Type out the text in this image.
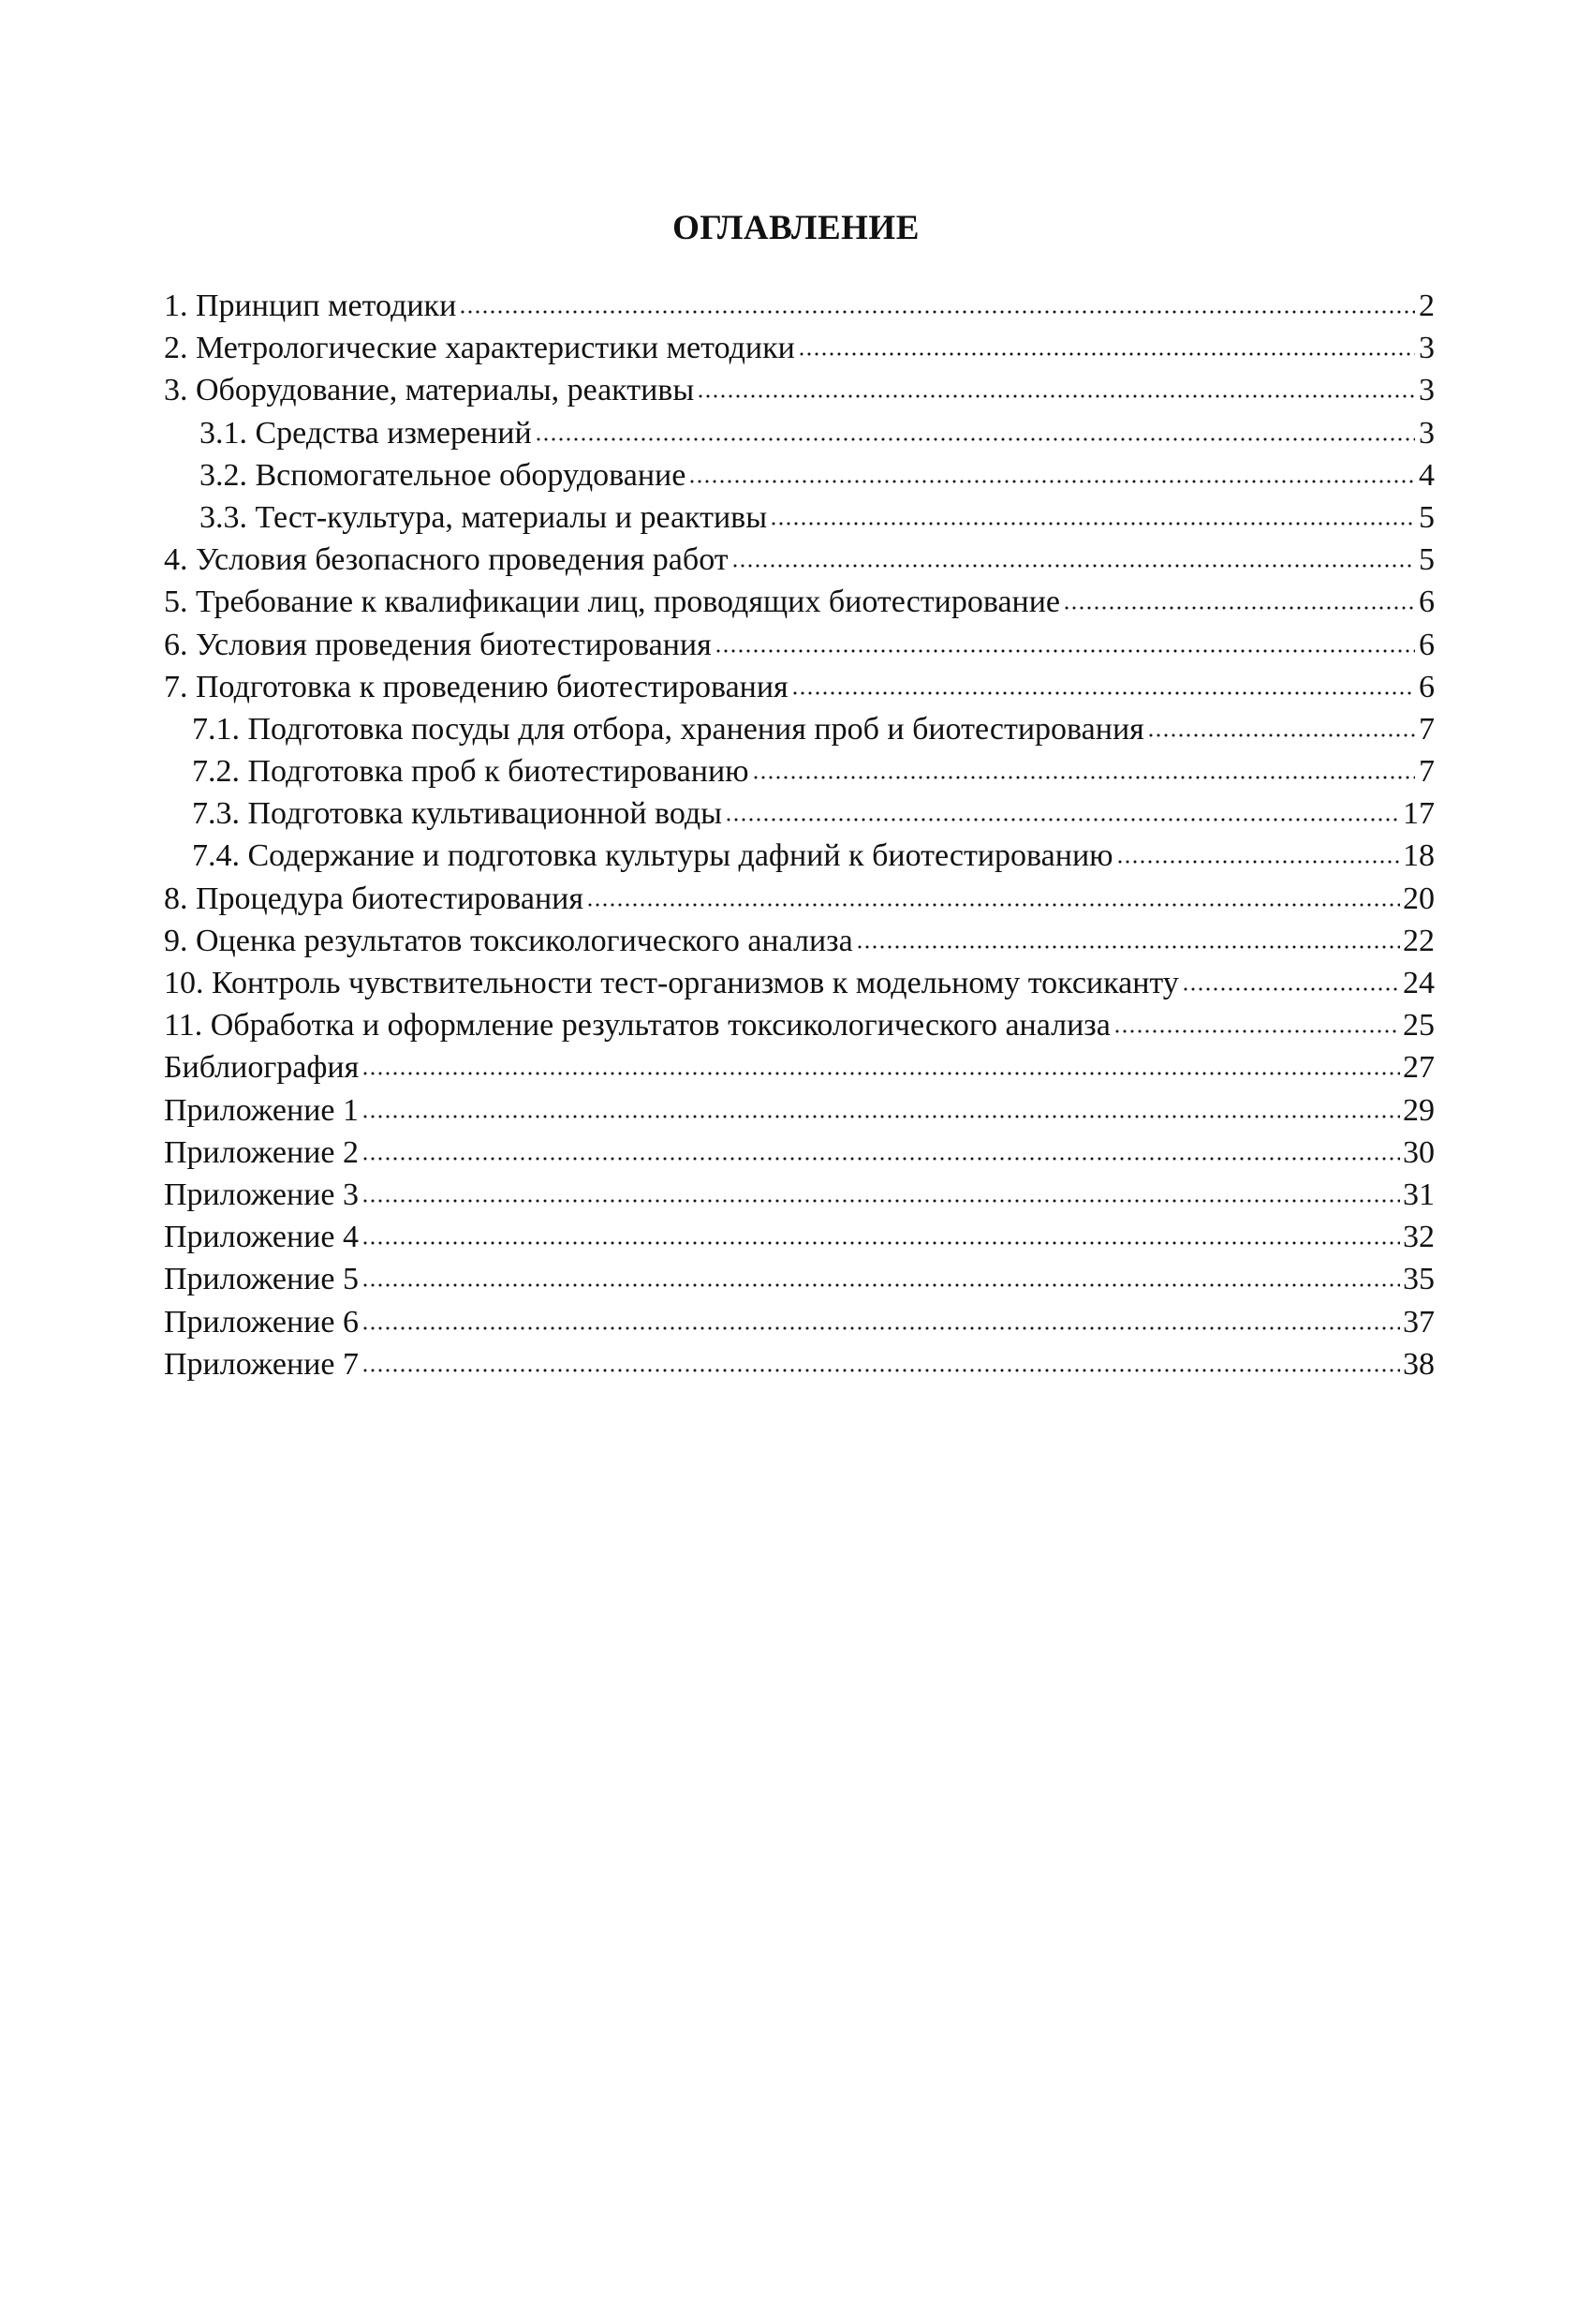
ОГЛАВЛЕНИЕ
1. Принцип методики	2
2. Метрологические характеристики методики	3
3. Оборудование, материалы, реактивы	3
3.1. Средства измерений	3
3.2. Вспомогательное оборудование	4
3.3. Тест-культура, материалы и реактивы	5
4. Условия безопасного проведения работ	5
5. Требование к квалификации лиц, проводящих биотестирование	6
6. Условия проведения биотестирования	6
7. Подготовка к проведению биотестирования	6
7.1. Подготовка посуды для отбора, хранения проб и биотестирования	7
7.2. Подготовка проб к биотестированию	7
7.3. Подготовка культивационной воды	17
7.4. Содержание и подготовка культуры дафний к биотестированию	18
8. Процедура биотестирования	20
9. Оценка результатов токсикологического анализа	22
10. Контроль чувствительности тест-организмов к модельному токсиканту	24
11. Обработка и оформление результатов токсикологического анализа	25
Библиография	27
Приложение 1	29
Приложение 2	30
Приложение 3	31
Приложение 4	32
Приложение 5	35
Приложение 6	37
Приложение 7	38
